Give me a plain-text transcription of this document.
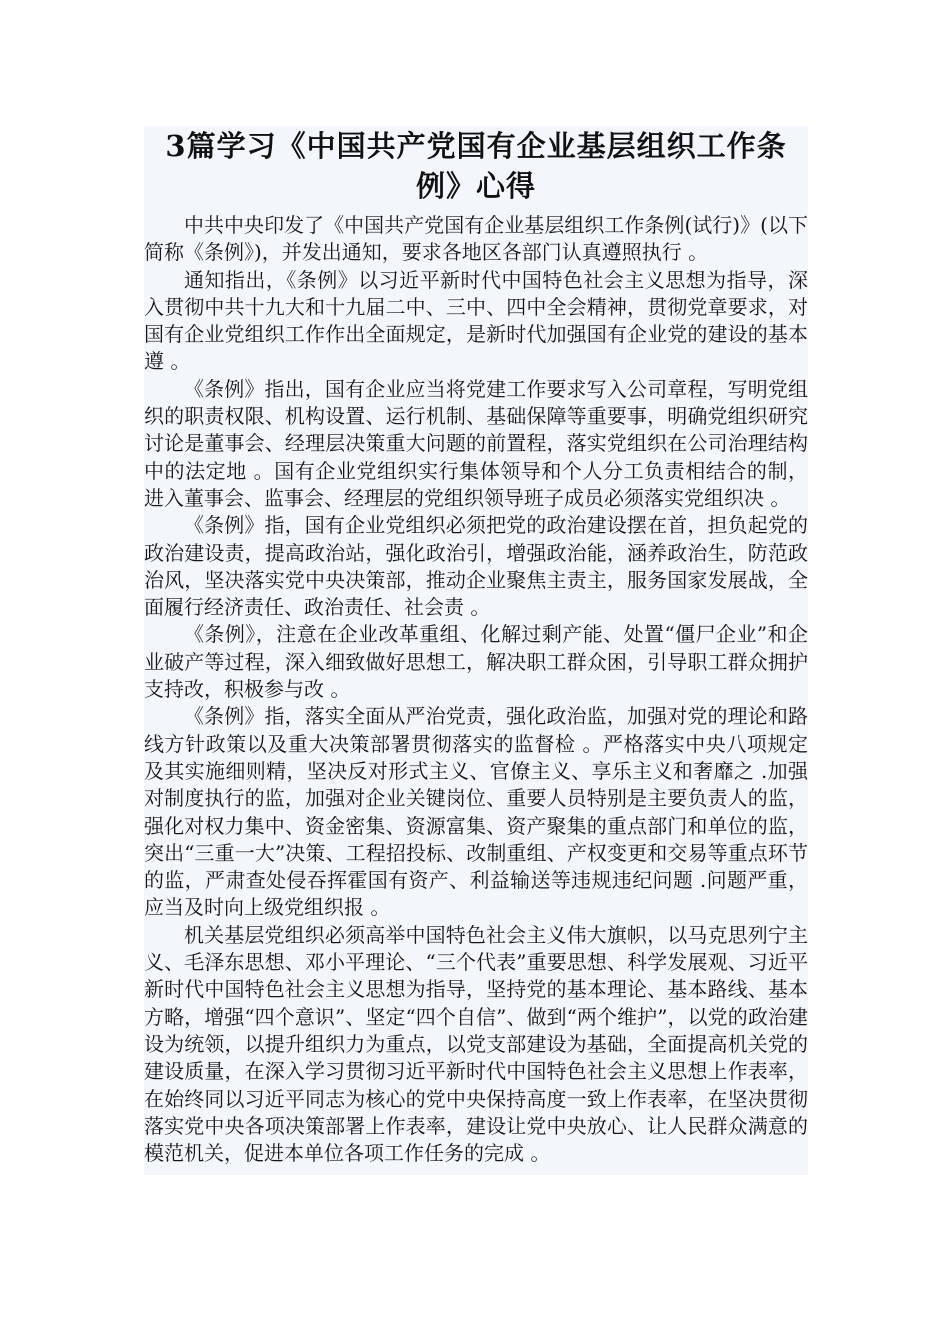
3篇学习《中国共产党国有企业基层组织工作条例》心得

中共中央印发了《中国共产党国有企业基层组织工作条例(试行)》(以下简称《条例》)，并发出通知，要求各地区各部门认真遵照执行 。

通知指出，《条例》以习近平新时代中国特色社会主义思想为指导，深入贯彻中共十九大和十九届二中、三中、四中全会精神，贯彻党章要求，对国有企业党组织工作作出全面规定，是新时代加强国有企业党的建设的基本遵 。

《条例》指出，国有企业应当将党建工作要求写入公司章程，写明党组织的职责权限、机构设置、运行机制、基础保障等重要事，明确党组织研究讨论是董事会、经理层决策重大问题的前置程，落实党组织在公司治理结构中的法定地 。国有企业党组织实行集体领导和个人分工负责相结合的制，进入董事会、监事会、经理层的党组织领导班子成员必须落实党组织决 。

《条例》指，国有企业党组织必须把党的政治建设摆在首，担负起党的政治建设责，提高政治站，强化政治引，增强政治能，涵养政治生，防范政治风，坚决落实党中央决策部，推动企业聚焦主责主，服务国家发展战，全面履行经济责任、政治责任、社会责 。

《条例》，注意在企业改革重组、化解过剩产能、处置“僵尸企业”和企业破产等过程，深入细致做好思想工，解决职工群众困，引导职工群众拥护支持改，积极参与改 。

《条例》指，落实全面从严治党责，强化政治监，加强对党的理论和路线方针政策以及重大决策部署贯彻落实的监督检 。严格落实中央八项规定及其实施细则精，坚决反对形式主义、官僚主义、享乐主义和奢靡之 .加强对制度执行的监，加强对企业关键岗位、重要人员特别是主要负责人的监，强化对权力集中、资金密集、资源富集、资产聚集的重点部门和单位的监，突出“三重一大”决策、工程招投标、改制重组、产权变更和交易等重点环节的监，严肃查处侵吞挥霍国有资产、利益输送等违规违纪问题 .问题严重，应当及时向上级党组织报 。

机关基层党组织必须高举中国特色社会主义伟大旗帜，以马克思列宁主义、毛泽东思想、邓小平理论、“三个代表”重要思想、科学发展观、习近平新时代中国特色社会主义思想为指导，坚持党的基本理论、基本路线、基本方略，增强“四个意识”、坚定“四个自信”、做到“两个维护”，以党的政治建设为统领，以提升组织力为重点，以党支部建设为基础，全面提高机关党的建设质量，在深入学习贯彻习近平新时代中国特色社会主义思想上作表率，在始终同以习近平同志为核心的党中央保持高度一致上作表率，在坚决贯彻落实党中央各项决策部署上作表率，建设让党中央放心、让人民群众满意的模范机关，促进本单位各项工作任务的完成 。
